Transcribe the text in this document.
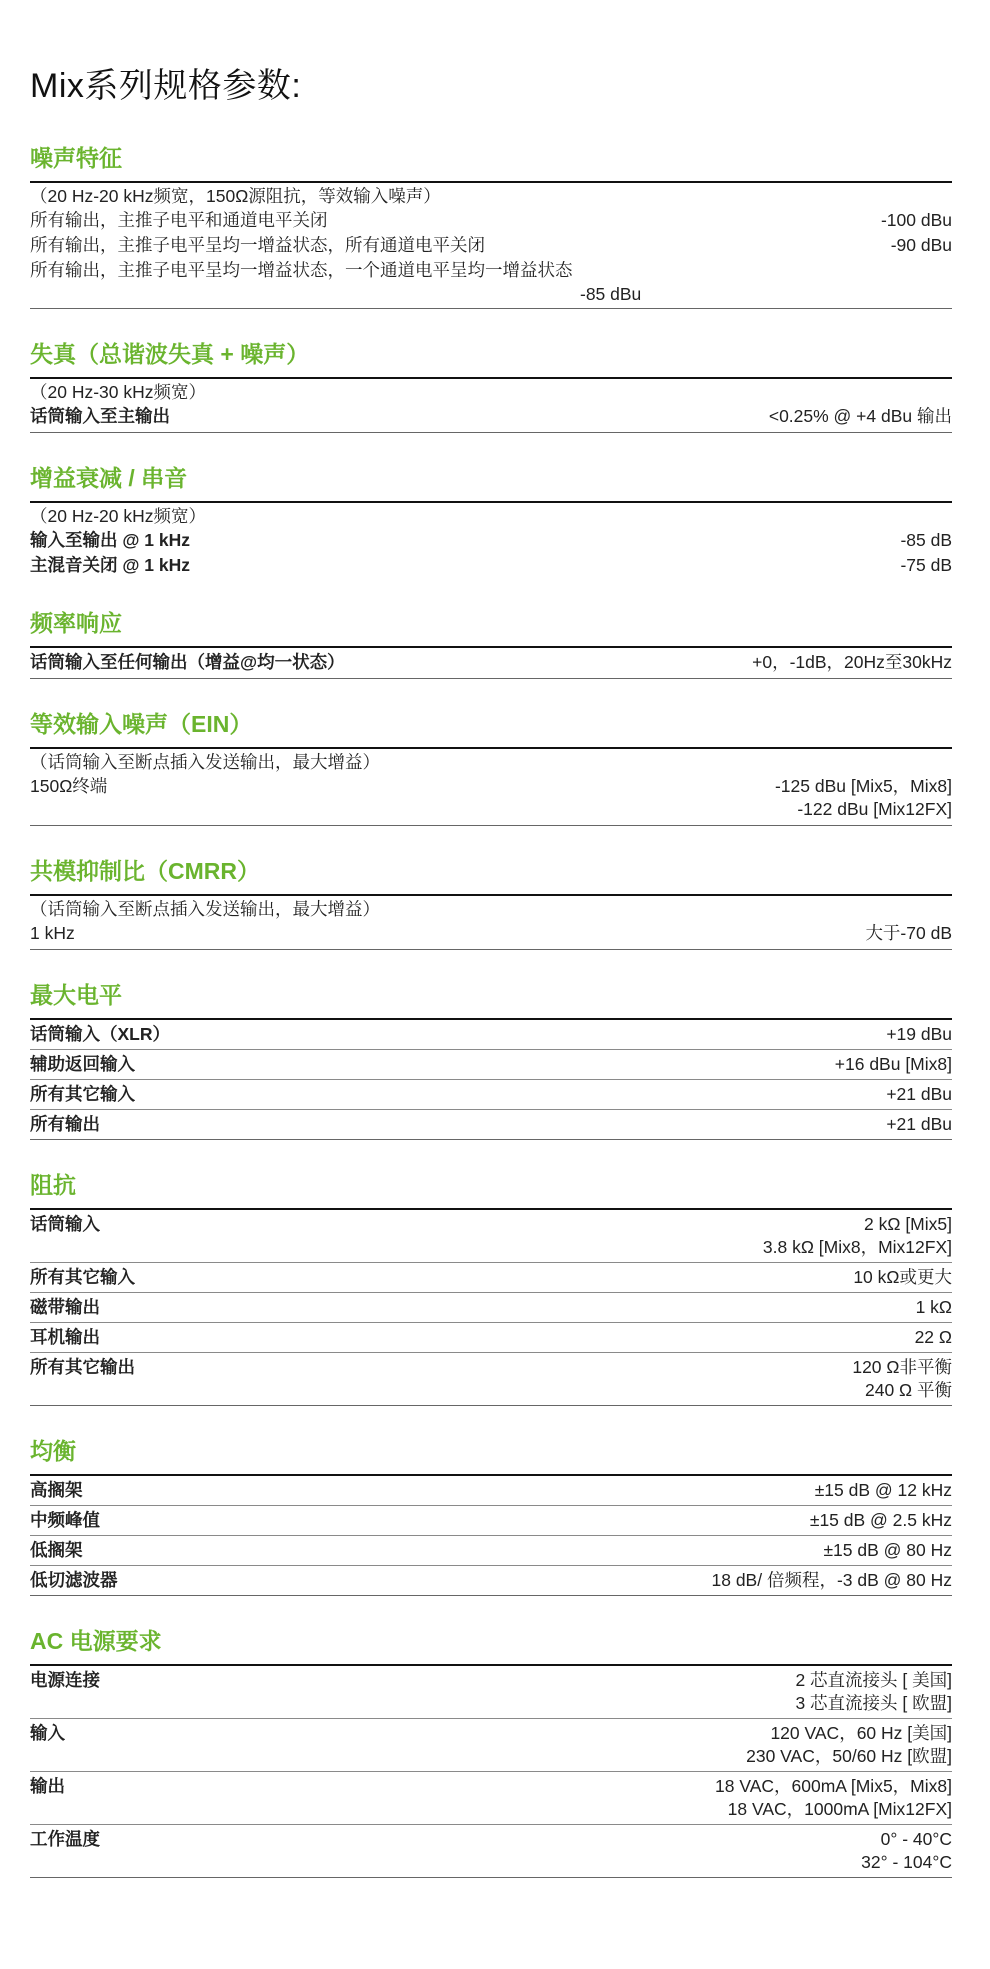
Mix系列规格参数:
噪声特征
（20 Hz-20 kHz频宽，150Ω源阻抗，等效输入噪声）
所有输出，主推子电平和通道电平关闭	-100 dBu
所有输出，主推子电平呈均一增益状态，所有通道电平关闭	-90 dBu
所有输出，主推子电平呈均一增益状态，一个通道电平呈均一增益状态
-85 dBu
失真（总谐波失真 + 噪声）
（20 Hz-30 kHz频宽）
话筒输入至主输出	<0.25% @ +4 dBu 输出
增益衰减 / 串音
（20 Hz-20 kHz频宽）
输入至输出 @ 1 kHz	-85 dB
主混音关闭 @ 1 kHz	-75 dB
频率响应
话筒输入至任何输出（增益@均一状态）	+0，-1dB，20Hz至30kHz
等效输入噪声（EIN）
（话筒输入至断点插入发送输出，最大增益）
150Ω终端	-125 dBu [Mix5，Mix8]
-122 dBu [Mix12FX]
共模抑制比（CMRR）
（话筒输入至断点插入发送输出，最大增益）
1 kHz	大于-70 dB
最大电平
话筒输入（XLR）	+19 dBu
辅助返回输入	+16 dBu [Mix8]
所有其它输入	+21 dBu
所有输出	+21 dBu
阻抗
话筒输入	2 kΩ [Mix5]
3.8 kΩ [Mix8，Mix12FX]
所有其它输入	10 kΩ或更大
磁带输出	1 kΩ
耳机输出	22 Ω
所有其它输出	120 Ω非平衡
240 Ω 平衡
均衡
高搁架	±15 dB @ 12 kHz
中频峰值	±15 dB @ 2.5 kHz
低搁架	±15 dB @ 80 Hz
低切滤波器	18 dB/ 倍频程，-3 dB @ 80 Hz
AC 电源要求
电源连接	2 芯直流接头 [ 美国]
3 芯直流接头 [ 欧盟]
输入	120 VAC，60 Hz [美国]
230 VAC，50/60 Hz [欧盟]
输出	18 VAC，600mA [Mix5，Mix8]
18 VAC，1000mA [Mix12FX]
工作温度	0° - 40°C
32° - 104°C
